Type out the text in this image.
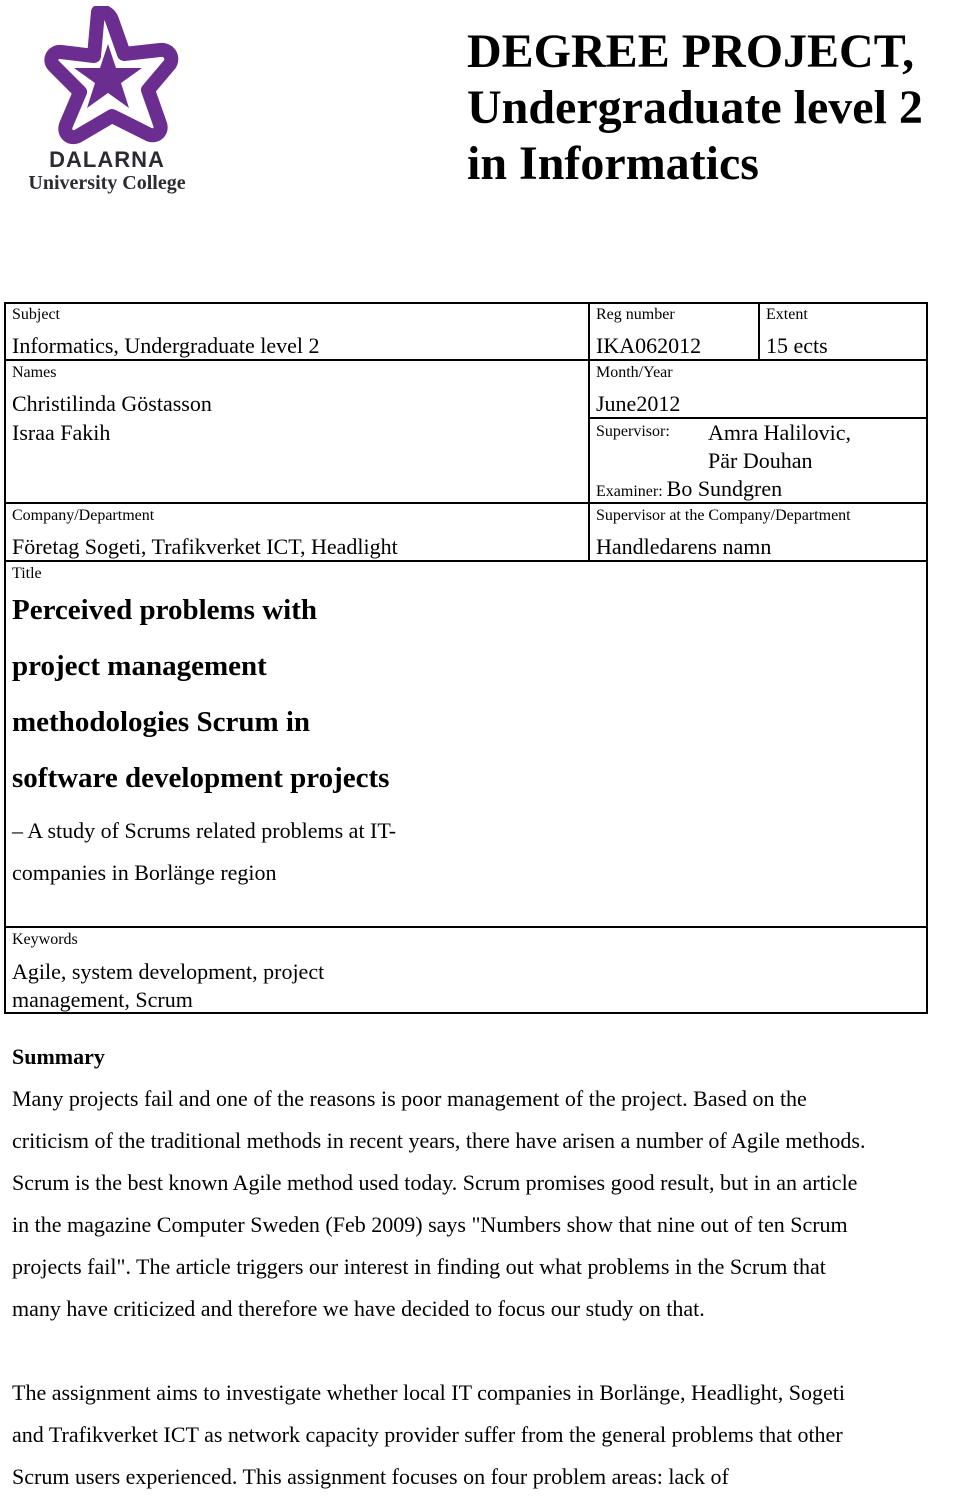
DALARNA
University College
DEGREE PROJECT, Undergraduate level 2 in Informatics
Subject
Informatics, Undergraduate level 2
Reg number
IKA062012
Extent
15 ects
Names
Christilinda Göstasson
Israa Fakih
Month/Year
June2012
Supervisor: Amra Halilovic,
Pär Douhan
Examiner: Bo Sundgren
Company/Department
Företag Sogeti, Trafikverket ICT, Headlight
Supervisor at the Company/Department
Handledarens namn
Title
Perceived problems with
project management
methodologies Scrum in
software development projects
– A study of Scrums related problems at IT-
companies in Borlänge region
Keywords
Agile, system development, project
management, Scrum
Summary
Many projects fail and one of the reasons is poor management of the project. Based on the
criticism of the traditional methods in recent years, there have arisen a number of Agile methods.
Scrum is the best known Agile method used today. Scrum promises good result, but in an article
in the magazine Computer Sweden (Feb 2009) says "Numbers show that nine out of ten Scrum
projects fail". The article triggers our interest in finding out what problems in the Scrum that
many have criticized and therefore we have decided to focus our study on that.
The assignment aims to investigate whether local IT companies in Borlänge, Headlight, Sogeti
and Trafikverket ICT as network capacity provider suffer from the general problems that other
Scrum users experienced. This assignment focuses on four problem areas: lack of
